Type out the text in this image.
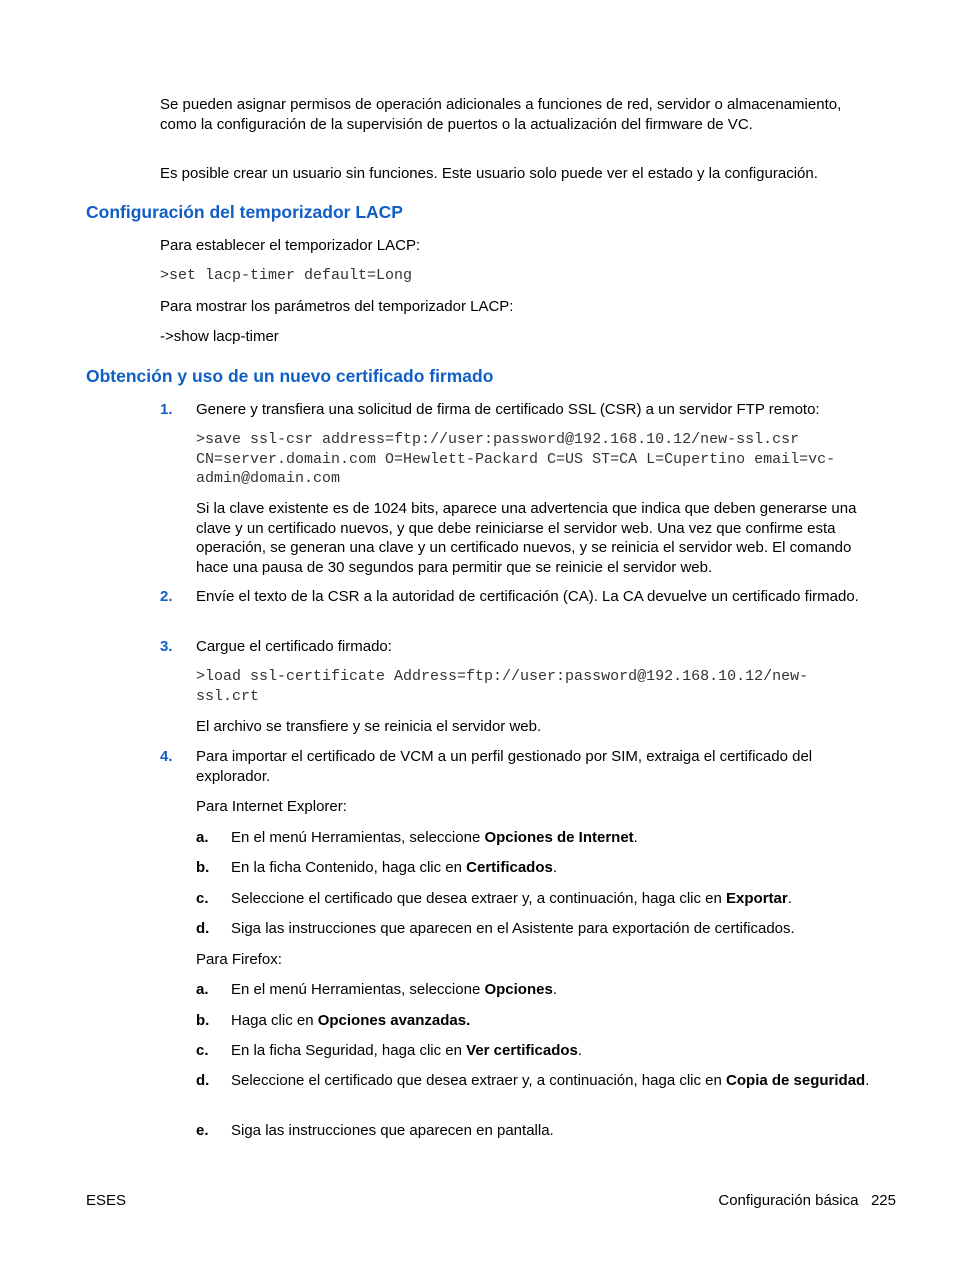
Se pueden asignar permisos de operación adicionales a funciones de red, servidor o almacenamiento, como la configuración de la supervisión de puertos o la actualización del firmware de VC.

Es posible crear un usuario sin funciones. Este usuario solo puede ver el estado y la configuración.

Configuración del temporizador LACP

Para establecer el temporizador LACP:

>set lacp-timer default=Long

Para mostrar los parámetros del temporizador LACP:

->show lacp-timer

Obtención y uso de un nuevo certificado firmado
1. Genere y transfiera una solicitud de firma de certificado SSL (CSR) a un servidor FTP remoto:

>save ssl-csr address=ftp://user:password@192.168.10.12/new-ssl.csr
CN=server.domain.com O=Hewlett-Packard C=US ST=CA L=Cupertino email=vc-
admin@domain.com

Si la clave existente es de 1024 bits, aparece una advertencia que indica que deben generarse una clave y un certificado nuevos, y que debe reiniciarse el servidor web. Una vez que confirme esta operación, se generan una clave y un certificado nuevos, y se reinicia el servidor web. El comando hace una pausa de 30 segundos para permitir que se reinicie el servidor web.

2. Envíe el texto de la CSR a la autoridad de certificación (CA). La CA devuelve un certificado firmado.

3. Cargue el certificado firmado:

>load ssl-certificate Address=ftp://user:password@192.168.10.12/new-
ssl.crt

El archivo se transfiere y se reinicia el servidor web.

4. Para importar el certificado de VCM a un perfil gestionado por SIM, extraiga el certificado del explorador.

Para Internet Explorer:

a. En el menú Herramientas, seleccione Opciones de Internet.

b. En la ficha Contenido, haga clic en Certificados.

c. Seleccione el certificado que desea extraer y, a continuación, haga clic en Exportar.

d. Siga las instrucciones que aparecen en el Asistente para exportación de certificados.

Para Firefox:

a. En el menú Herramientas, seleccione Opciones.

b. Haga clic en Opciones avanzadas.

c. En la ficha Seguridad, haga clic en Ver certificados.

d. Seleccione el certificado que desea extraer y, a continuación, haga clic en Copia de seguridad.

e. Siga las instrucciones que aparecen en pantalla.

ESES	Configuración básica   225
